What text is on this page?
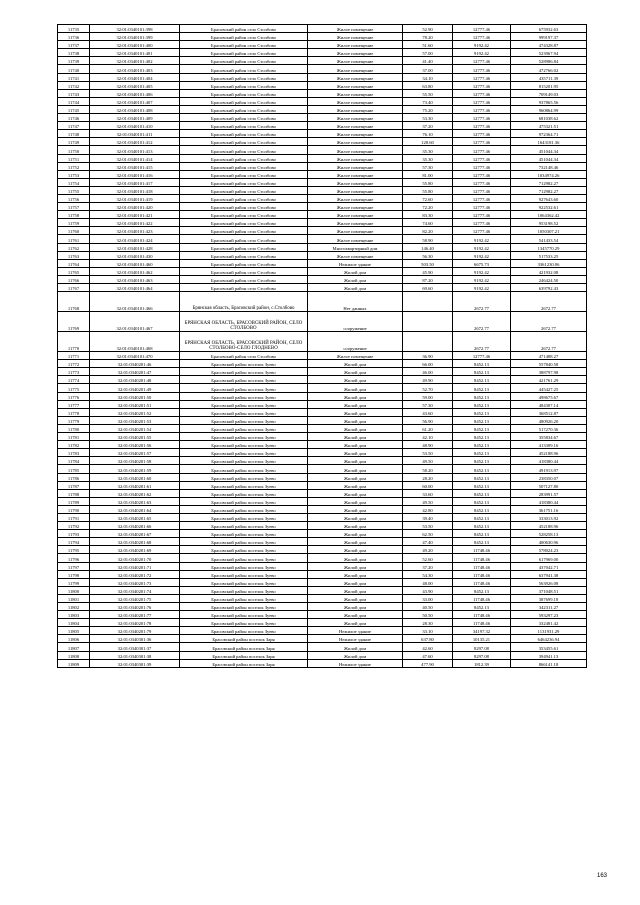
11735	32:01:0340101:398	Брасовский район село Столбово	Жилое помещение	52.90	12777.46	675932.63
11736	32:01:0340101:399	Брасовский район село Столбово	Жилое помещение	78.20	12777.46	999197.37
11737	32:01:0340101:400	Брасовский район село Столбово	Жилое помещение	51.60	9192.42	474328.87
11738	32:01:0340101:401	Брасовский район село Столбово	Жилое помещение	57.00	9192.42	523967.94
11739	32:01:0340101:402	Брасовский район село Столбово	Жилое помещение	41.40	12777.46	528986.84
11740	32:01:0340101:403	Брасовский район село Столбово	Жилое помещение	37.00	12777.46	472766.02
11741	32:01:0340101:404	Брасовский район село Столбово	Жилое помещение	34.10	12777.46	435711.39
11742	32:01:0340101:405	Брасовский район село Столбово	Жилое помещение	63.80	12777.46	815201.95
11743	32:01:0340101:406	Брасовский район село Столбово	Жилое помещение	55.50	12777.46	709149.03
11744	32:01:0340101:407	Брасовский район село Столбово	Жилое помещение	73.40	12777.46	937865.56
11745	32:01:0340101:408	Брасовский район село Столбово	Жилое помещение	75.20	12777.46	960864.99
11746	32:01:0340101:409	Брасовский район село Столбово	Жилое помещение	53.30	12777.46	681038.62
11747	32:01:0340101:410	Брасовский район село Столбово	Жилое помещение	37.20	12777.46	475321.51
11748	32:01:0340101:411	Брасовский район село Столбово	Жилое помещение	76.10	12777.46	972364.71
11749	32:01:0340101:412	Брасовский район село Столбово	Жилое помещение	128.60	12777.46	1643181.36
11750	32:01:0340101:413	Брасовский район село Столбово	Жилое помещение	35.30	12777.46	451044.34
11751	32:01:0340101:414	Брасовский район село Столбово	Жилое помещение	35.30	12777.46	451044.34
11752	32:01:0340101:415	Брасовский район село Столбово	Жилое помещение	57.30	12777.46	732148.46
11753	32:01:0340101:416	Брасовский район село Столбово	Жилое помещение	81.00	12777.46	1034974.26
11754	32:01:0340101:417	Брасовский район село Столбово	Жилое помещение	55.80	12777.46	712982.27
11755	32:01:0340101:418	Брасовский район село Столбово	Жилое помещение	55.80	12777.46	712982.27
11756	32:01:0340101:419	Брасовский район село Столбово	Жилое помещение	72.60	12777.46	927643.60
11757	32:01:0340101:420	Брасовский район село Столбово	Жилое помещение	72.20	12777.46	922532.61
11758	32:01:0340101:421	Брасовский район село Столбово	Жилое помещение	83.30	12777.46	1064362.42
11759	32:01:0340101:422	Брасовский район село Столбово	Жилое помещение	74.60	12777.46	953198.52
11760	32:01:0340101:423	Брасовский район село Столбово	Жилое помещение	82.20	12777.46	1050307.21
11761	32:01:0340101:424	Брасовский район село Столбово	Жилое помещение	58.90	9192.42	541433.54
11762	32:01:0340101:428	Брасовский район село Столбово	Многоквартирный дом	146.40	9192.42	1345770.29
11763	32:01:0340101:430	Брасовский район село Столбово	Жилое помещение	56.30	9192.42	517533.25
11764	32:01:0340101:460	Брасовский район село Столбово	Нежилое здание	503.50	6675.73	3361230.06
11765	32:01:0340101:462	Брасовский район село Столбово	Жилой дом	45.90	9192.42	421932.08
11766	32:01:0340101:463	Брасовский район село Столбово	Жилой дом	87.20	9192.42	246424.50
11767	32:01:0340101:464	Брасовский район село Столбово	Жилой дом	69.60	9192.42	639792.43
11768	32:01:0340101:466	Брянская область, Брасовский район, с.Столбово	Нет данных		2672.77	2672.77
11769	32:01:0340101:467	БРЯНСКАЯ ОБЛАСТЬ, БРАСОВСКИЙ РАЙОН, СЕЛО СТОЛБОВО	сооружение		2672.77	2672.77
11770	32:01:0340101:468	БРЯНСКАЯ ОБЛАСТЬ, БРАСОВСКИЙ РАЙОН, СЕЛО СТОЛБОВО-СЕЛО ГЛОДНЕВО	сооружение		2672.77	2672.77
11771	32:01:0340101:470	Брасовский район село Столбово	Жилое помещение	36.90	12777.46	471488.27
11772	32:01:0340201:46	Брасовский район поселок Зуево	Жилой дом	66.00	8452.13	557840.58
11773	32:01:0340201:47	Брасовский район поселок Зуево	Жилой дом	46.00	8452.13	388797.98
11774	32:01:0340201:48	Брасовский район поселок Зуево	Жилой дом	49.90	8452.13	421761.29
11775	32:01:0340201:49	Брасовский район поселок Зуево	Жилой дом	52.70	8452.13	445427.25
11776	32:01:0340201:50	Брасовский район поселок Зуево	Жилой дом	59.00	8452.13	498675.67
11777	32:01:0340201:51	Брасовский район поселок Зуево	Жилой дом	57.30	8452.13	484307.14
11778	32:01:0340201:52	Брасовский район поселок Зуево	Жилой дом	43.60	8452.13	368512.87
11779	32:01:0340201:53	Брасовский район поселок Зуево	Жилой дом	56.90	8452.13	480926.20
11780	32:01:0340201:54	Брасовский район поселок Зуево	Жилой дом	61.20	8452.13	517270.36
11781	32:01:0340201:55	Брасовский район поселок Зуево	Жилой дом	42.10	8452.13	355834.67
11782	32:01:0340201:56	Брасовский район поселок Зуево	Жилой дом	48.90	8452.13	413309.16
11783	32:01:0340201:57	Брасовский район поселок Зуево	Жилой дом	53.50	8452.13	452188.96
11784	32:01:0340201:58	Брасовский район поселок Зуево	Жилой дом	49.50	8452.13	418380.44
11785	32:01:0340201:59	Брасовский район поселок Зуево	Жилой дом	58.20	8452.13	491913.97
11786	32:01:0340201:60	Брасовский район поселок Зуево	Жилой дом	28.20	8452.13	238350.07
11787	32:01:0340201:61	Брасовский район поселок Зуево	Жилой дом	60.00	8452.13	507127.80
11788	32:01:0340201:62	Брасовский район поселок Зуево	Жилой дом	33.60	8452.13	283991.57
11789	32:01:0340201:63	Брасовский район поселок Зуево	Жилой дом	49.50	8452.13	418380.44
11790	32:01:0340201:64	Брасовский район поселок Зуево	Жилой дом	42.80	8452.13	361751.16
11791	32:01:0340201:65	Брасовский район поселок Зуево	Жилой дом	39.40	8452.13	333013.92
11792	32:01:0340201:66	Брасовский район поселок Зуево	Жилой дом	53.50	8452.13	452188.96
11793	32:01:0340201:67	Брасовский район поселок Зуево	Жилой дом	62.50	8452.13	528258.13
11794	32:01:0340201:68	Брасовский район поселок Зуево	Жилой дом	47.40	8452.13	400630.96
11795	32:01:0340201:69	Брасовский район поселок Зуево	Жилой дом	49.20	11748.46	578024.23
11796	32:01:0340201:70	Брасовский район поселок Зуево	Жилой дом	52.60	11748.46	617969.00
11797	32:01:0340201:71	Брасовский район поселок Зуево	Жилой дом	37.20	11748.46	437042.71
11798	32:01:0340201:72	Брасовский район поселок Зуево	Жилой дом	54.30	11748.46	637941.38
11799	32:01:0340201:73	Брасовский район поселок Зуево	Жилой дом	48.00	11748.46	563926.08
11800	32:01:0340201:74	Брасовский район поселок Зуево	Жилой дом	43.90	8452.13	371048.51
11801	32:01:0340201:75	Брасовский район поселок Зуево	Жилой дом	33.00	11748.46	387699.18
11802	32:01:0340201:76	Брасовский район поселок Зуево	Жилой дом	40.50	8452.13	342311.27
11803	32:01:0340201:77	Брасовский район поселок Зуево	Жилой дом	50.50	11748.46	593297.23
11804	32:01:0340201:78	Брасовский район поселок Зуево	Жилой дом	28.30	11748.46	332481.42
11805	32:01:0340201:79	Брасовский район поселок Зуево	Нежилое здание	33.10	34197.32	1131931.29
11806	32:01:0340301:36	Брасовский район поселок Заря	Нежилое здание	637.80	10135.21	6464236.94
11807	32:01:0340301:37	Брасовский район поселок Заря	Жилой дом	42.60	8297.08	353455.61
11808	32:01:0340301:38	Брасовский район поселок Заря	Жилой дом	47.60	8297.08	394941.13
11809	32:01:0340301:39	Брасовский район поселок Заря	Нежилое здание	477.90	1812.39	866141.18
163
